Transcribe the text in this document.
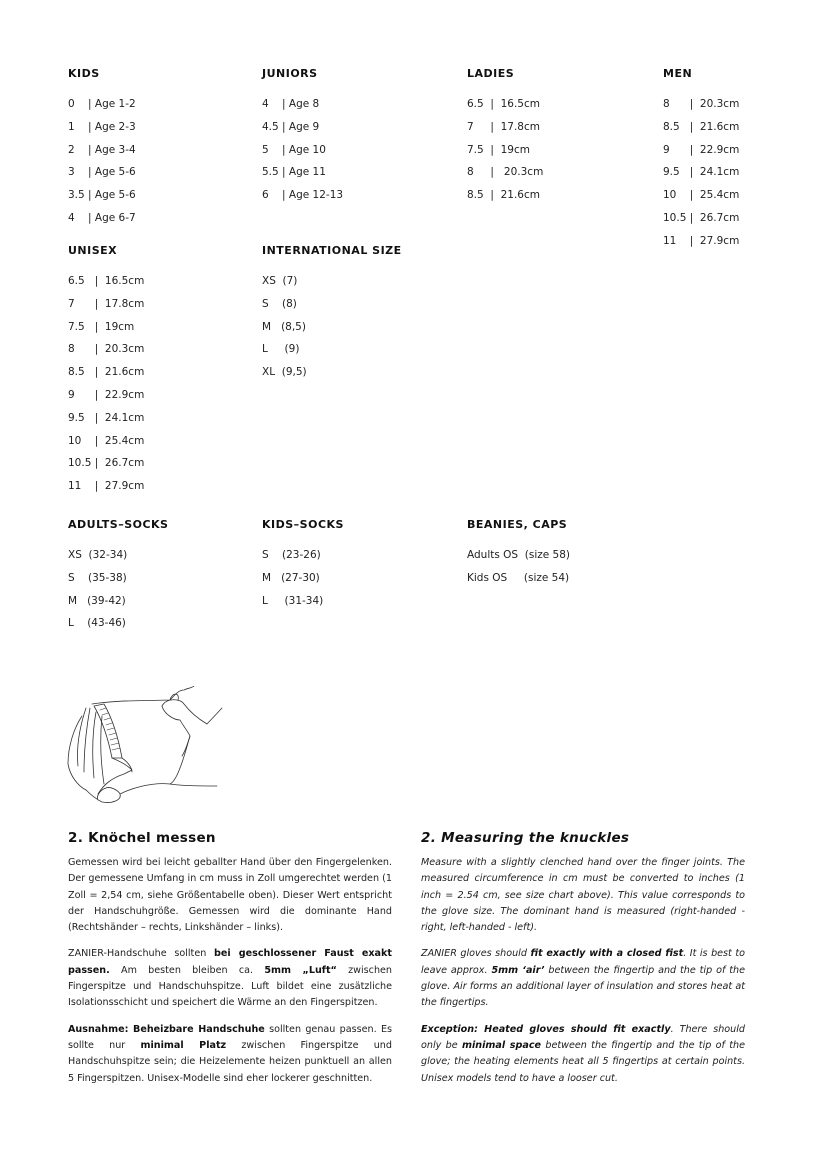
KIDS
0    | Age 1-2
1    | Age 2-3
2    | Age 3-4
3    | Age 5-6
3.5 | Age 5-6
4    | Age 6-7
JUNIORS
4    | Age 8
4.5 | Age 9
5    | Age 10
5.5 | Age 11
6    | Age 12-13
LADIES
6.5  |  16.5cm
7     |  17.8cm
7.5  |  19cm
8     |   20.3cm
8.5  |  21.6cm
MEN
8      |  20.3cm
8.5   |  21.6cm
9      |  22.9cm
9.5   |  24.1cm
10    |  25.4cm
10.5 |  26.7cm
11    |  27.9cm
UNISEX
6.5   |  16.5cm
7      |  17.8cm
7.5   |  19cm
8      |  20.3cm
8.5   |  21.6cm
9      |  22.9cm
9.5   |  24.1cm
10    |  25.4cm
10.5 |  26.7cm
11    |  27.9cm
INTERNATIONAL SIZE
XS  (7)
S    (8)
M   (8,5)
L     (9)
XL  (9,5)
ADULTS–SOCKS
XS  (32-34)
S    (35-38)
M   (39-42)
L    (43-46)
KIDS–SOCKS
S    (23-26)
M   (27-30)
L     (31-34)
BEANIES, CAPS
Adults OS  (size 58)
Kids OS     (size 54)
2. Knöchel messen

Gemessen wird bei leicht geballter Hand über den Fingergelenken. Der gemessene Umfang in cm muss in Zoll umgerechtet werden (1 Zoll = 2,54 cm, siehe Größentabelle oben). Dieser Wert entspricht der Handschuhgröße. Gemessen wird die dominante Hand (Rechtshänder – rechts, Linkshänder – links).

ZANIER-Handschuhe sollten bei geschlossener Faust exakt passen. Am besten bleiben ca. 5mm „Luft“ zwischen Fingerspitze und Handschuhspitze. Luft bildet eine zusätzliche Isolationsschicht und speichert die Wärme an den Fingerspitzen.

Ausnahme: Beheizbare Handschuhe sollten genau passen. Es sollte nur minimal Platz zwischen Fingerspitze und Handschuhspitze sein; die Heizelemente heizen punktuell an allen 5 Fingerspitzen. Unisex-Modelle sind eher lockerer geschnitten.

2. Measuring the knuckles

Measure with a slightly clenched hand over the finger joints. The measured circumference in cm must be converted to inches (1 inch = 2.54 cm, see size chart above). This value corresponds to the glove size. The dominant hand is measured (right-handed - right, left-handed - left).

ZANIER gloves should fit exactly with a closed fist. It is best to leave approx. 5mm ‘air’ between the fingertip and the tip of the glove. Air forms an additional layer of insulation and stores heat at the fingertips.

Exception: Heated gloves should fit exactly. There should only be minimal space between the fingertip and the tip of the glove; the heating elements heat all 5 fingertips at certain points. Unisex models tend to have a looser cut.
